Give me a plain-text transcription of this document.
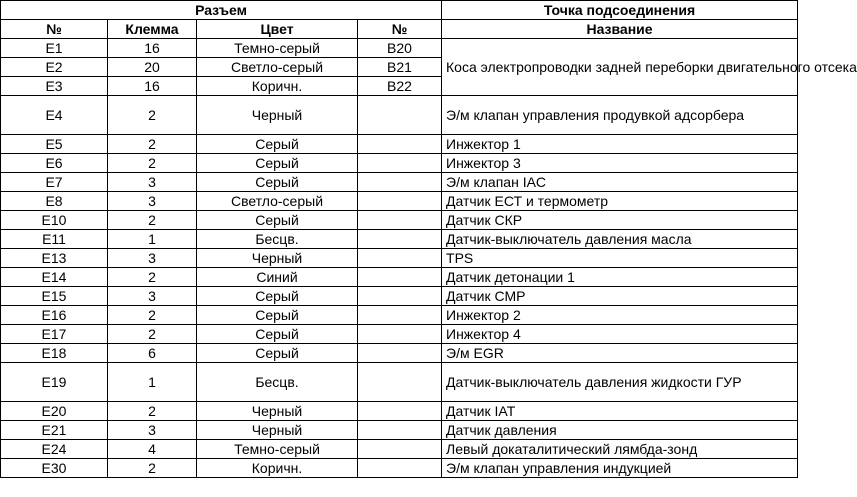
Разъем				Точка подсоединения
№	Клемма	Цвет	№	Название
E1	16	Темно-серый	B20	Коса электропроводки задней переборки двигательного отсека
E2	20	Светло-серый	B21	
E3	16	Коричн.	B22	
E4	2	Черный		Э/м клапан управления продувкой адсорбера
E5	2	Серый		Инжектор 1
E6	2	Серый		Инжектор 3
E7	3	Серый		Э/м клапан IAC
E8	3	Светло-серый		Датчик ЕСТ и термометр
E10	2	Серый		Датчик СКР
E11	1	Бесцв.		Датчик-выключатель давления масла
E13	3	Черный		TPS
E14	2	Синий		Датчик детонации 1
E15	3	Серый		Датчик СМР
E16	2	Серый		Инжектор 2
E17	2	Серый		Инжектор 4
E18	6	Серый		Э/м EGR
E19	1	Бесцв.		Датчик-выключатель давления жидкости ГУР
E20	2	Черный		Датчик IAT
E21	3	Черный		Датчик давления
E24	4	Темно-серый		Левый докаталитический лямбда-зонд
E30	2	Коричн.		Э/м клапан управления индукцией
